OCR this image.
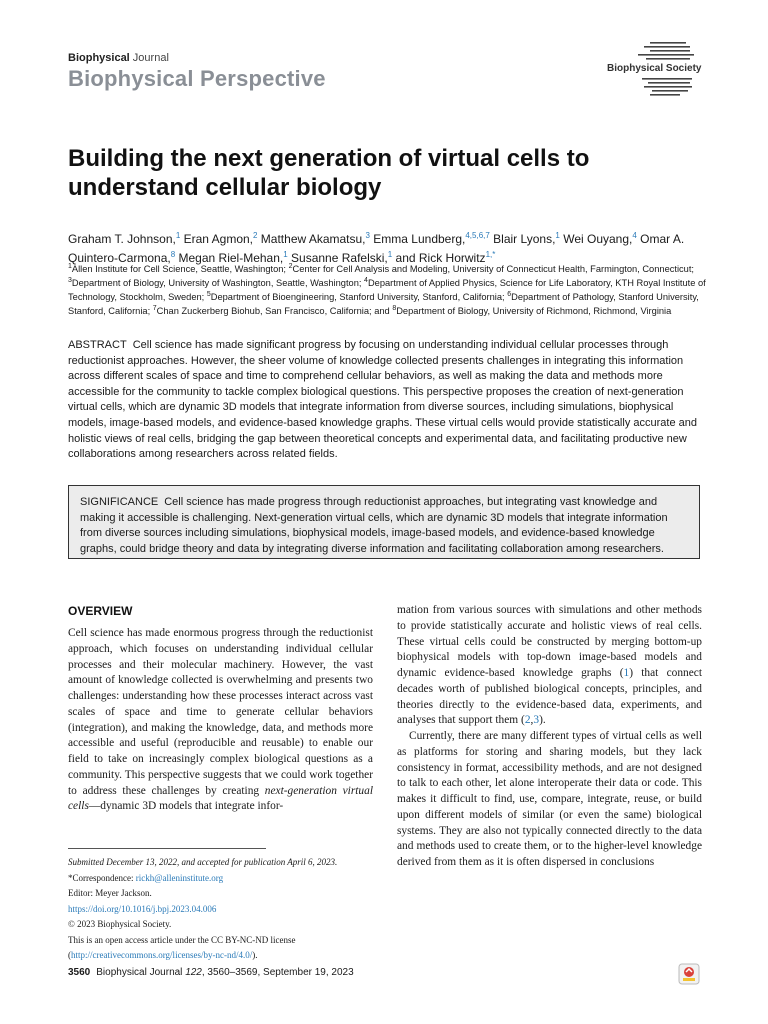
Biophysical Journal
Biophysical Perspective	Biophysical Society
Building the next generation of virtual cells to understand cellular biology
Graham T. Johnson,$^1$ Eran Agmon,$^2$ Matthew Akamatsu,$^3$ Emma Lundberg,$^{4,5,6,7}$ Blair Lyons,$^1$ Wei Ouyang,$^4$ Omar A. Quintero-Carmona,$^8$ Megan Riel-Mehan,$^1$ Susanne Rafelski,$^1$ and Rick Horwitz$^{1,*}$
$^1$Allen Institute for Cell Science, Seattle, Washington; $^2$Center for Cell Analysis and Modeling, University of Connecticut Health, Farmington, Connecticut; $^3$Department of Biology, University of Washington, Seattle, Washington; $^4$Department of Applied Physics, Science for Life Laboratory, KTH Royal Institute of Technology, Stockholm, Sweden; $^5$Department of Bioengineering, Stanford University, Stanford, California; $^6$Department of Pathology, Stanford University, Stanford, California; $^7$Chan Zuckerberg Biohub, San Francisco, California; and $^8$Department of Biology, University of Richmond, Richmond, Virginia
ABSTRACT Cell science has made significant progress by focusing on understanding individual cellular processes through reductionist approaches. However, the sheer volume of knowledge collected presents challenges in integrating this information across different scales of space and time to comprehend cellular behaviors, as well as making the data and methods more accessible for the community to tackle complex biological questions. This perspective proposes the creation of next-generation virtual cells, which are dynamic 3D models that integrate information from diverse sources, including simulations, biophysical models, image-based models, and evidence-based knowledge graphs. These virtual cells would provide statistically accurate and holistic views of real cells, bridging the gap between theoretical concepts and experimental data, and facilitating productive new collaborations among researchers across related fields.
SIGNIFICANCE Cell science has made progress through reductionist approaches, but integrating vast knowledge and making it accessible is challenging. Next-generation virtual cells, which are dynamic 3D models that integrate information from diverse sources including simulations, biophysical models, image-based models, and evidence-based knowledge graphs, could bridge theory and data by integrating diverse information and facilitating collaboration among researchers.
OVERVIEW

Cell science has made enormous progress through the reductionist approach, which focuses on understanding individual cellular processes and their molecular machinery. However, the vast amount of knowledge collected is overwhelming and presents two challenges: understanding how these processes interact across vast scales of space and time to generate cellular behaviors (integration), and making the knowledge, data, and methods more accessible and useful (reproducible and reusable) to enable our field to take on increasingly complex biological questions as a community. This perspective suggests that we could work together to address these challenges by creating next-generation virtual cells—dynamic 3D models that integrate infor-

mation from various sources with simulations and other methods to provide statistically accurate and holistic views of real cells. These virtual cells could be constructed by merging bottom-up biophysical models with top-down image-based models and dynamic evidence-based knowledge graphs (1) that connect decades worth of published biological concepts, principles, and theories directly to the evidence-based data, experiments, and analyses that support them (2,3).

Currently, there are many different types of virtual cells as well as platforms for storing and sharing models, but they lack consistency in format, accessibility methods, and are not designed to talk to each other, let alone interoperate their data or code. This makes it difficult to find, use, compare, integrate, reuse, or build upon different models of similar (or even the same) biological systems. They are also not typically connected directly to the data and methods used to create them, or to the higher-level knowledge derived from them as it is often dispersed in conclusions

Submitted December 13, 2022, and accepted for publication April 6, 2023.
*Correspondence: rickh@alleninstitute.org
Editor: Meyer Jackson.
https://doi.org/10.1016/j.bpj.2023.04.006
© 2023 Biophysical Society.
This is an open access article under the CC BY-NC-ND license (http://creativecommons.org/licenses/by-nc-nd/4.0/).
3560 Biophysical Journal 122, 3560–3569, September 19, 2023
